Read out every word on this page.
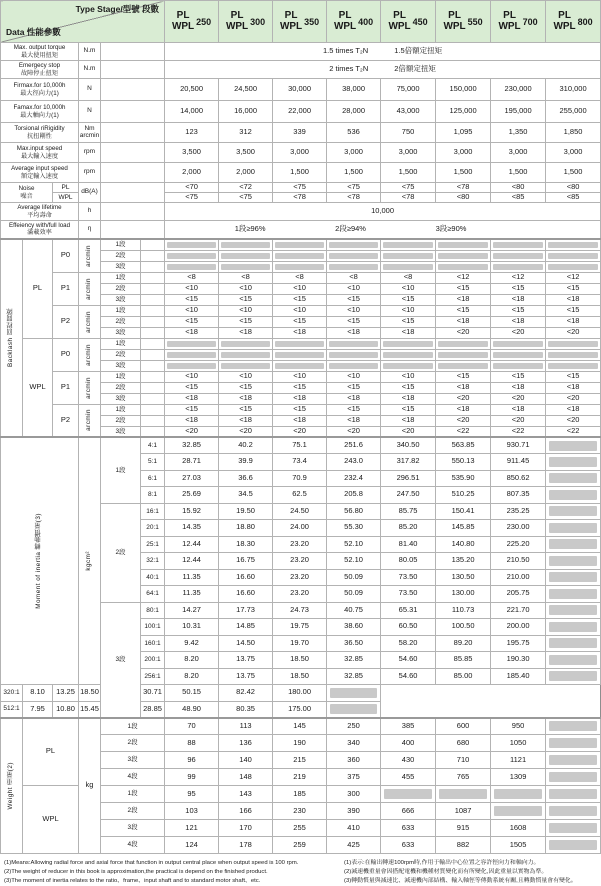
Type Stage/型號 段數
Data 性能參數

PL
WPL 250

PL
WPL 300

PL
WPL 350

PL
WPL 400

PL
WPL 450

PL
WPL 550

PL
WPL 700

PL
WPL 800

Max. output torque
最大使用扭矩

N.m		1.5 times T₂N	1.5倍額定扭矩

Emergecy stop
故障停止扭矩

N.m		2 times T₂N	2倍額定扭矩

Firmax.for 10,000h
最大徑向力(1)			N			20,500	24,500	30,000	38,000	75,000	150,000	230,000	310,000

Famax.for 10,000h
最大軸向力(1)			N			14,000	16,000	22,000	28,000	43,000	125,000	195,000	255,000

Torsional riRigidity
抗扭剛性

Nm
arcmin		123	312	339	536	750	1,095	1,350	1,850

Max.input speed
最大輸入速度			rpm			3,500	3,500	3,000	3,000	3,000	3,000	3,000	3,000

Average input speed
額定輸入速度			rpm			2,000	2,000	1,500	1,500	1,500	1,500	1,500	1,500

Noise
噪音		PL	dB(A)			<70	<72	<75	<75	<75	<78	<80	<80
		WPL				<75	<75	<78	<78	<78	<80	<85	<85

Average lifetime
平均壽命			h			10,000							

Effeiency with/full load
滿載效率

η		1段≥96%	2段≥94%	3段≥90%

Backlash 回程間隙	PL	P0	arcmin	1段		

				2段		

				3段		

		P1	arcmin	1段		<8	<8	<8	<8	<8	<12	<12	<12
				2段		<10	<10	<10	<10	<10	<15	<15	<15
				3段		<15	<15	<15	<15	<15	<18	<18	<18
		P2	arcmin	1段		<10	<10	<10	<10	<10	<15	<15	<15
				2段		<15	<15	<15	<15	<15	<18	<18	<18
				3段		<18	<18	<18	<18	<18	<20	<20	<20
	WPL	P0	arcmin	1段		

				2段		

				3段		

		P1	arcmin	1段		<10	<10	<10	<10	<10	<15	<15	<15
				2段		<15	<15	<15	<15	<15	<18	<18	<18
				3段		<18	<18	<18	<18	<18	<20	<20	<20
		P2	arcmin	1段		<15	<15	<15	<15	<15	<18	<18	<18
				2段		<18	<18	<18	<18	<18	<20	<20	<20
				3段		<20	<20	<20	<20	<20	<22	<22	<22

Moment of inertia 轉動慣量(3)			kgcm²	1段	4:1	32.85	40.2	75.1	251.6	340.50	563.85	930.71	

					5:1	28.71	39.9	73.4	243.0	317.82	550.13	911.45	

					6:1	27.03	36.6	70.9	232.4	296.51	535.90	850.62	

					8:1	25.69	34.5	62.5	205.8	247.50	510.25	807.35	

				2段	16:1	15.92	19.50	24.50	56.80	85.75	150.41	235.25	

					20:1	14.35	18.80	24.00	55.30	85.20	145.85	230.00	

					25:1	12.44	18.30	23.20	52.10	81.40	140.80	225.20	

					32:1	12.44	16.75	23.20	52.10	80.05	135.20	210.50	

					40:1	11.35	16.60	23.20	50.09	73.50	130.50	210.00	

					64:1	11.35	16.60	23.20	50.09	73.50	130.00	205.75	

				3段	80:1	14.27	17.73	24.73	40.75	65.31	110.73	221.70	

					100:1	10.31	14.85	19.75	38.60	60.50	100.50	200.00	

					160:1	9.42	14.50	19.70	36.50	58.20	89.20	195.75	

					200:1	8.20	13.75	18.50	32.85	54.60	85.85	190.30	

					256:1	8.20	13.75	18.50	32.85	54.60	85.00	185.40	

320:1	8.10	13.25	18.50		30.71	50.15	82.42	180.00					

512:1	7.95	10.80	15.45		28.85	48.90	80.35	175.00					

Weight 重量(2)	PL		kg	1段		70	113	145	250	385	600	950	

				2段		88	136	190	340	400	680	1050	

				3段		96	140	215	360	430	710	1121	

				4段		99	148	219	375	455	765	1309	

	WPL			1段		95	143	185	300	

				2段		103	166	230	390	666	1087	

				3段		121	170	255	410	633	915	1608	

				4段		124	178	259	425	633	882	1505	
(1)Means:Allowing radial force and axial force that function in output central place when output speed is 100 rpm.
(2)The weight of reducer in this book is approximation,the practical is depend on the finished product.
(3)The moment of inertia relates to the ratio、frame、input shaft and to standard motor shaft、etc.
(1)表示:在輸出轉速100rpm時,作用于輸出中心位置之容許徑向力和軸向力。
(2)減速機重量會因搭配電機和機種材質變化而有所變化,因此重量以實物為準。
(3)轉動慣量與減速比、減速機內部結構、輸入軸徑等傳動系統有關,且轉動慣量會有變化。
